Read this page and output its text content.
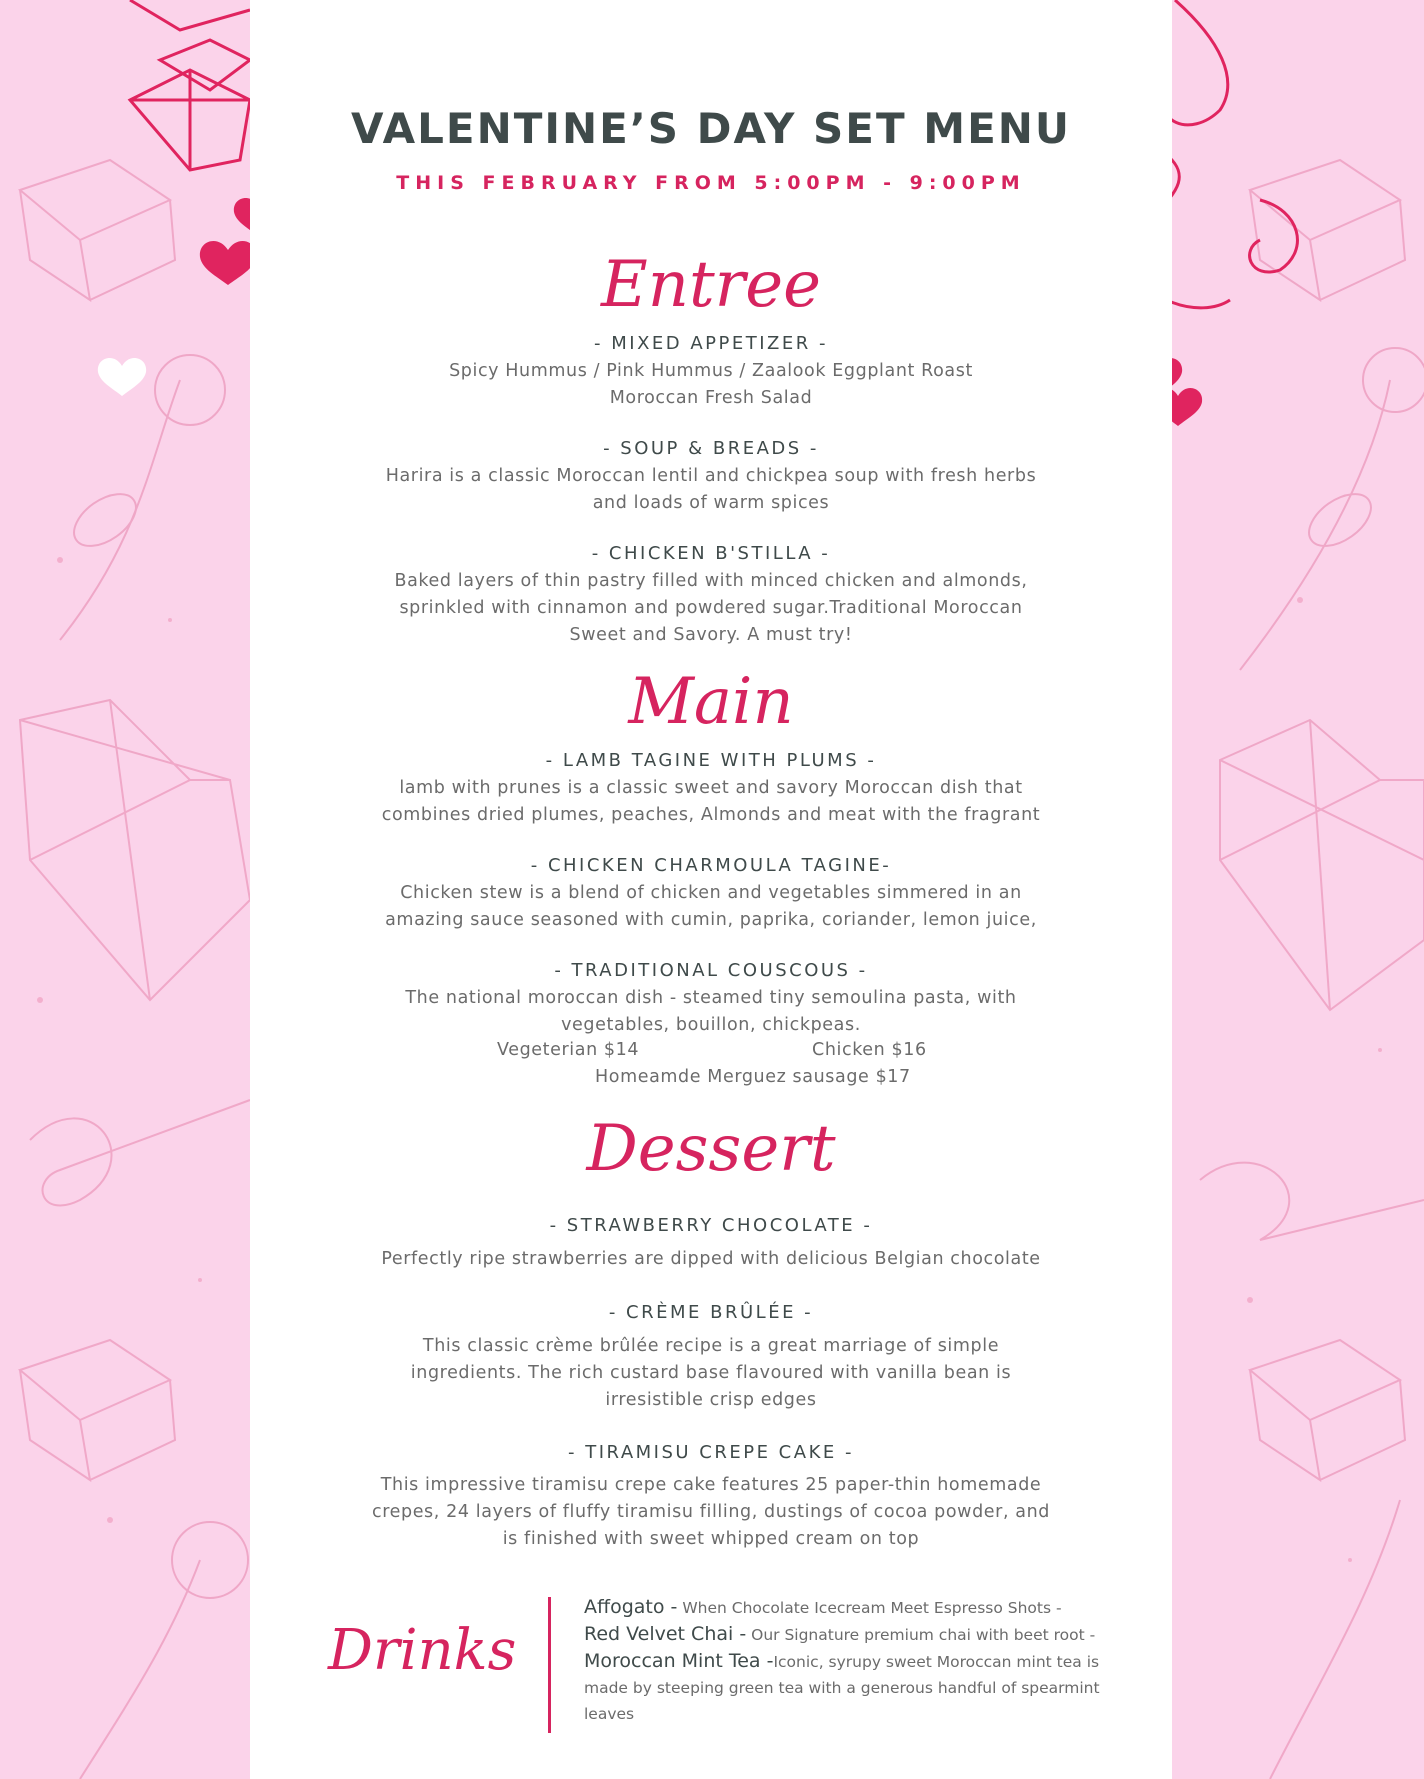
VALENTINE’S DAY SET MENU
THIS FEBRUARY FROM 5:00PM - 9:00PM
Entree
- MIXED APPETIZER -
Spicy Hummus / Pink Hummus / Zaalook Eggplant Roast
Moroccan Fresh Salad
- SOUP & BREADS -
Harira is a classic Moroccan lentil and chickpea soup with fresh herbs
and loads of warm spices
- CHICKEN B'STILLA -
Baked layers of thin pastry filled with minced chicken and almonds,
sprinkled with cinnamon and powdered sugar.Traditional Moroccan
Sweet and Savory. A must try!
Main
- LAMB TAGINE WITH PLUMS -
lamb with prunes is a classic sweet and savory Moroccan dish that
combines dried plumes, peaches, Almonds and meat with the fragrant
- CHICKEN CHARMOULA TAGINE-
Chicken stew is a blend of chicken and vegetables simmered in an
amazing sauce seasoned with cumin, paprika, coriander, lemon juice,
- TRADITIONAL COUSCOUS -
The national moroccan dish - steamed tiny semoulina pasta, with
vegetables, bouillon, chickpeas.
Vegeterian $14	Chicken $16
Homeamde Merguez sausage $17
Dessert
- STRAWBERRY CHOCOLATE -
Perfectly ripe strawberries are dipped with delicious Belgian chocolate
- CRÈME BRÛLÉE -
This classic crème brûlée recipe is a great marriage of simple
ingredients. The rich custard base flavoured with vanilla bean is
irresistible crisp edges
- TIRAMISU CREPE CAKE -
This impressive tiramisu crepe cake features 25 paper-thin homemade
crepes, 24 layers of fluffy tiramisu filling, dustings of cocoa powder, and
is finished with sweet whipped cream on top
Drinks
Affogato - When Chocolate Icecream Meet Espresso Shots -
Red Velvet Chai - Our Signature premium chai with beet root -
Moroccan Mint Tea -Iconic, syrupy sweet Moroccan mint tea is made by steeping green tea with a generous handful of spearmint leaves
